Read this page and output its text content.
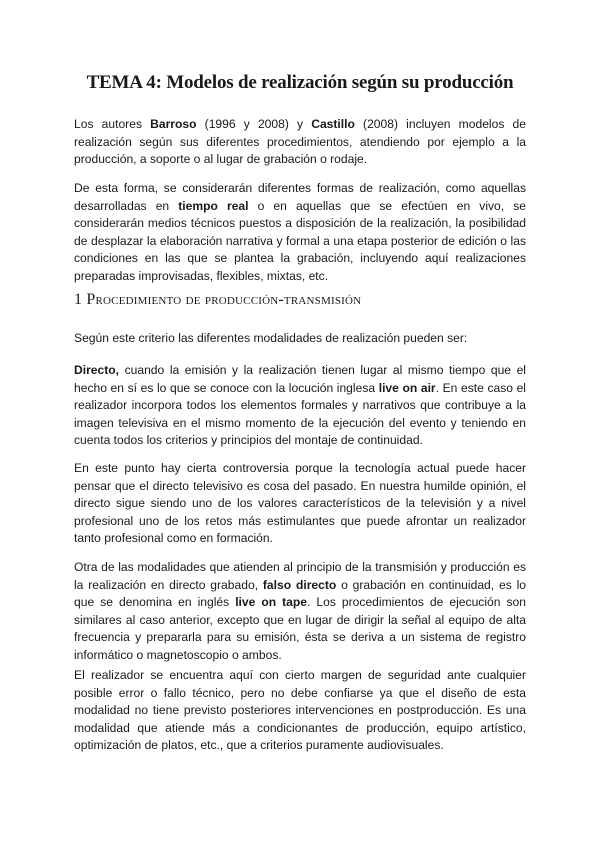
TEMA 4: Modelos de realización según su producción

Los autores Barroso (1996 y 2008) y Castillo (2008) incluyen modelos de realización según sus diferentes procedimientos, atendiendo por ejemplo a la producción, a soporte o al lugar de grabación o rodaje.

De esta forma, se considerarán diferentes formas de realización, como aquellas desarrolladas en tiempo real o en aquellas que se efectúen en vivo, se considerarán medios técnicos puestos a disposición de la realización, la posibilidad de desplazar la elaboración narrativa y formal a una etapa posterior de edición o las condiciones en las que se plantea la grabación, incluyendo aquí realizaciones preparadas improvisadas, flexibles, mixtas, etc.

1 Procedimiento de producción-transmisión

Según este criterio las diferentes modalidades de realización pueden ser:

Directo, cuando la emisión y la realización tienen lugar al mismo tiempo que el hecho en sí es lo que se conoce con la locución inglesa live on air. En este caso el realizador incorpora todos los elementos formales y narrativos que contribuye a la imagen televisiva en el mismo momento de la ejecución del evento y teniendo en cuenta todos los criterios y principios del montaje de continuidad.

En este punto hay cierta controversia porque la tecnología actual puede hacer pensar que el directo televisivo es cosa del pasado. En nuestra humilde opinión, el directo sigue siendo uno de los valores característicos de la televisión y a nivel profesional uno de los retos más estimulantes que puede afrontar un realizador tanto profesional como en formación.

Otra de las modalidades que atienden al principio de la transmisión y producción es la realización en directo grabado, falso directo o grabación en continuidad, es lo que se denomina en inglés live on tape. Los procedimientos de ejecución son similares al caso anterior, excepto que en lugar de dirigir la señal al equipo de alta frecuencia y prepararla para su emisión, ésta se deriva a un sistema de registro informático o magnetoscopio o ambos.

El realizador se encuentra aquí con cierto margen de seguridad ante cualquier posible error o fallo técnico, pero no debe confiarse ya que el diseño de esta modalidad no tiene previsto posteriores intervenciones en postproducción. Es una modalidad que atiende más a condicionantes de producción, equipo artístico, optimización de platos, etc., que a criterios puramente audiovisuales.
